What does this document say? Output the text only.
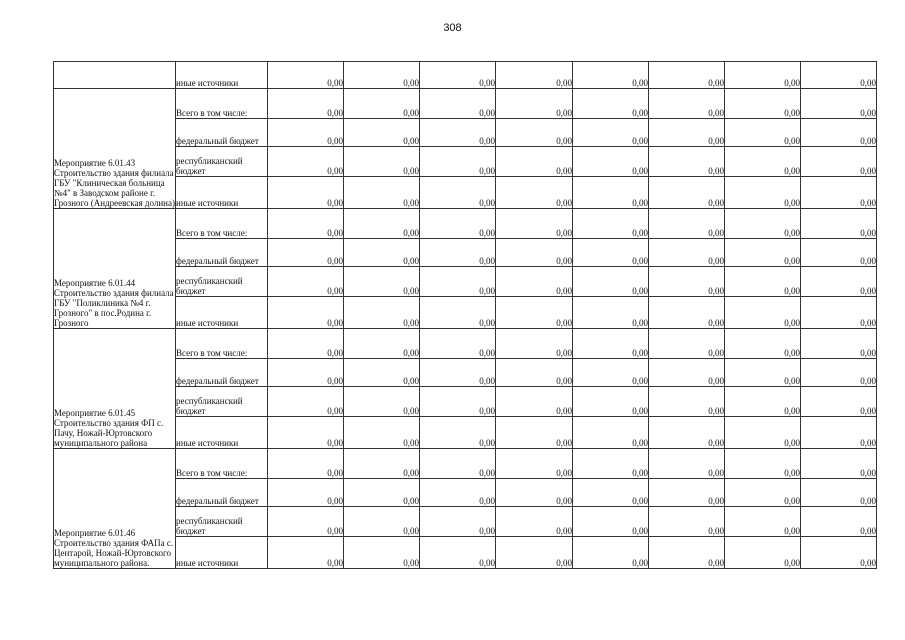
308
	иные источники	0,00	0,00	0,00	0,00	0,00	0,00	0,00	0,00
Мероприятие 6.01.43 Строительство здания филиала ГБУ "Клиническая больница №4" в Заводском районе г. Грозного (Андреевская долина)	Всего в том числе:	0,00	0,00	0,00	0,00	0,00	0,00	0,00	0,00
	федеральный бюджет	0,00	0,00	0,00	0,00	0,00	0,00	0,00	0,00
	республиканский бюджет	0,00	0,00	0,00	0,00	0,00	0,00	0,00	0,00
	иные источники	0,00	0,00	0,00	0,00	0,00	0,00	0,00	0,00
Мероприятие 6.01.44 Строительство здания филиала ГБУ "Поликлиника №4 г. Грозного" в пос.Родина г. Грозного	Всего в том числе:	0,00	0,00	0,00	0,00	0,00	0,00	0,00	0,00
	федеральный бюджет	0,00	0,00	0,00	0,00	0,00	0,00	0,00	0,00
	республиканский бюджет	0,00	0,00	0,00	0,00	0,00	0,00	0,00	0,00
	иные источники	0,00	0,00	0,00	0,00	0,00	0,00	0,00	0,00
Мероприятие 6.01.45 Строительство здания ФП с. Пачу, Ножай-Юртовского муниципального района	Всего в том числе:	0,00	0,00	0,00	0,00	0,00	0,00	0,00	0,00
	федеральный бюджет	0,00	0,00	0,00	0,00	0,00	0,00	0,00	0,00
	республиканский бюджет	0,00	0,00	0,00	0,00	0,00	0,00	0,00	0,00
	иные источники	0,00	0,00	0,00	0,00	0,00	0,00	0,00	0,00
Мероприятие 6.01.46 Строительство здания ФАПа с. Центарой, Ножай-Юртовского муниципального района.	Всего в том числе:	0,00	0,00	0,00	0,00	0,00	0,00	0,00	0,00
	федеральный бюджет	0,00	0,00	0,00	0,00	0,00	0,00	0,00	0,00
	республиканский бюджет	0,00	0,00	0,00	0,00	0,00	0,00	0,00	0,00
	иные источники	0,00	0,00	0,00	0,00	0,00	0,00	0,00	0,00
